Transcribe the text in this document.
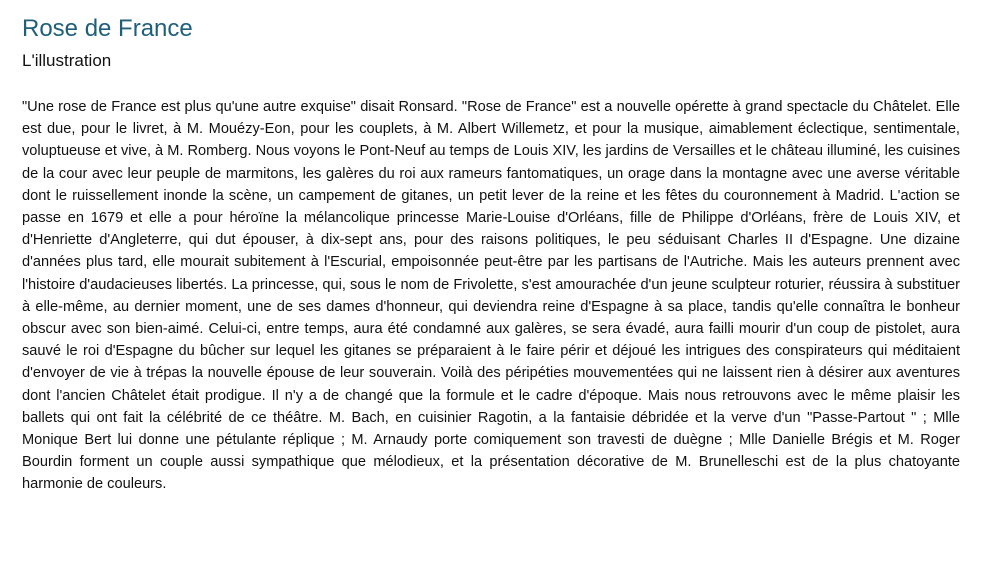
Rose de France
L'illustration

"Une rose de France est plus qu'une autre exquise" disait Ronsard. "Rose de France" est a nouvelle opérette à grand spectacle du Châtelet. Elle est due, pour le livret, à M. Mouézy-Eon, pour les couplets, à M. Albert Willemetz, et pour la musique, aimablement éclectique, sentimentale, voluptueuse et vive, à M. Romberg. Nous voyons le Pont-Neuf au temps de Louis XIV, les jardins de Versailles et le château illuminé, les cuisines de la cour avec leur peuple de marmitons, les galères du roi aux rameurs fantomatiques, un orage dans la montagne avec une averse véritable dont le ruissellement inonde la scène, un campement de gitanes, un petit lever de la reine et les fêtes du couronnement à Madrid. L'action se passe en 1679 et elle a pour héroïne la mélancolique princesse Marie-Louise d'Orléans, fille de Philippe d'Orléans, frère de Louis XIV, et d'Henriette d'Angleterre, qui dut épouser, à dix-sept ans, pour des raisons politiques, le peu séduisant Charles II d'Espagne. Une dizaine d'années plus tard, elle mourait subitement à l'Escurial, empoisonnée peut-être par les partisans de l'Autriche. Mais les auteurs prennent avec l'histoire d'audacieuses libertés. La princesse, qui, sous le nom de Frivolette, s'est amourachée d'un jeune sculpteur roturier, réussira à substituer à elle-même, au dernier moment, une de ses dames d'honneur, qui deviendra reine d'Espagne à sa place, tandis qu'elle connaîtra le bonheur obscur avec son bien-aimé. Celui-ci, entre temps, aura été condamné aux galères, se sera évadé, aura failli mourir d'un coup de pistolet, aura sauvé le roi d'Espagne du bûcher sur lequel les gitanes se préparaient à le faire périr et déjoué les intrigues des conspirateurs qui méditaient d'envoyer de vie à trépas la nouvelle épouse de leur souverain. Voilà des péripéties mouvementées qui ne laissent rien à désirer aux aventures dont l'ancien Châtelet était prodigue. Il n'y a de changé que la formule et le cadre d'époque. Mais nous retrouvons avec le même plaisir les ballets qui ont fait la célébrité de ce théâtre. M. Bach, en cuisinier Ragotin, a la fantaisie débridée et la verve d'un "Passe-Partout " ; Mlle Monique Bert lui donne une pétulante réplique ; M. Arnaudy porte comiquement son travesti de duègne ; Mlle Danielle Brégis et M. Roger Bourdin forment un couple aussi sympathique que mélodieux, et la présentation décorative de M. Brunelleschi est de la plus chatoyante harmonie de couleurs.
